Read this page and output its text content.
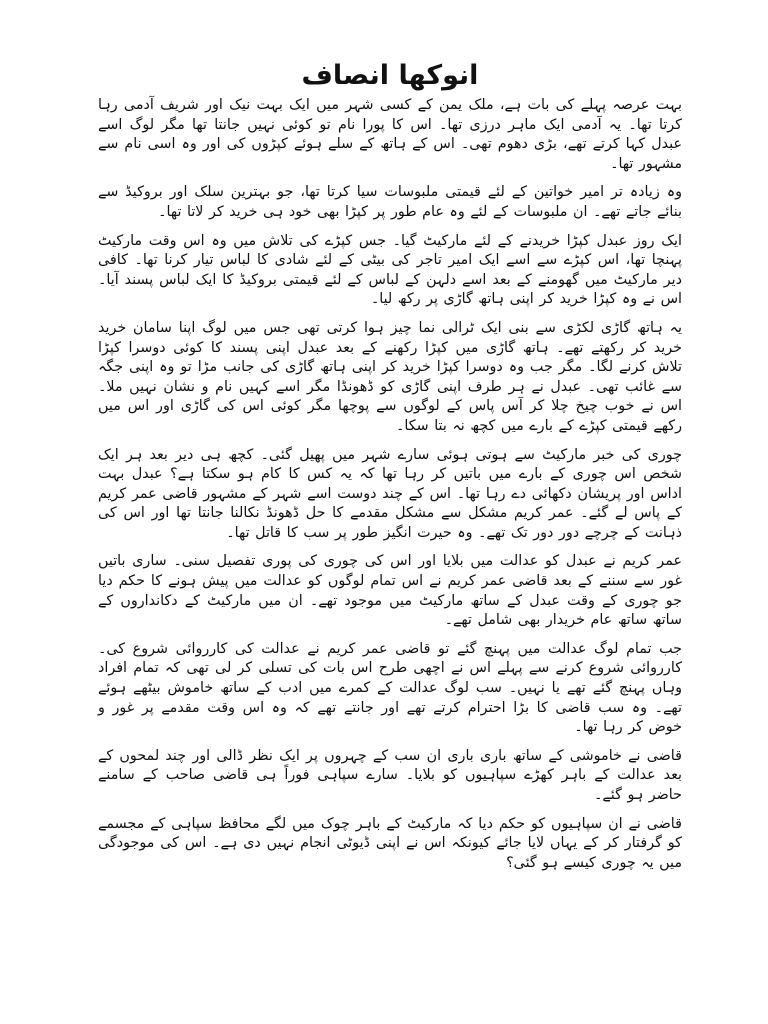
انوکھا انصاف

بہت عرصہ پہلے کی بات ہے، ملک یمن کے کسی شہر میں ایک بہت نیک اور شریف آدمی رہا کرتا تھا۔ یہ آدمی ایک ماہر درزی تھا۔ اس کا پورا نام تو کوئی نہیں جانتا تھا مگر لوگ اسے عبدل کہا کرتے تھے، بڑی دھوم تھی۔ اس کے ہاتھ کے سلے ہوئے کپڑوں کی اور وہ اسی نام سے مشہور تھا۔

وہ زیادہ تر امیر خواتین کے لئے قیمتی ملبوسات سیا کرتا تھا، جو بہترین سلک اور بروکیڈ سے بنائے جاتے تھے۔ ان ملبوسات کے لئے وہ عام طور پر کپڑا بھی خود ہی خرید کر لاتا تھا۔

ایک روز عبدل کپڑا خریدنے کے لئے مارکیٹ گیا۔ جس کپڑے کی تلاش میں وہ اس وقت مارکیٹ پہنچا تھا، اس کپڑے سے اسے ایک امیر تاجر کی بیٹی کے لئے شادی کا لباس تیار کرنا تھا۔ کافی دیر مارکیٹ میں گھومنے کے بعد اسے دلہن کے لباس کے لئے قیمتی بروکیڈ کا ایک لباس پسند آیا۔ اس نے وہ کپڑا خرید کر اپنی ہاتھ گاڑی پر رکھ لیا۔

یہ ہاتھ گاڑی لکڑی سے بنی ایک ٹرالی نما چیز ہوا کرتی تھی جس میں لوگ اپنا سامان خرید خرید کر رکھتے تھے۔ ہاتھ گاڑی میں کپڑا رکھنے کے بعد عبدل اپنی پسند کا کوئی دوسرا کپڑا تلاش کرنے لگا۔ مگر جب وہ دوسرا کپڑا خرید کر اپنی ہاتھ گاڑی کی جانب مڑا تو وہ اپنی جگہ سے غائب تھی۔ عبدل نے ہر طرف اپنی گاڑی کو ڈھونڈا مگر اسے کہیں نام و نشان نہیں ملا۔ اس نے خوب چیخ چلا کر آس پاس کے لوگوں سے پوچھا مگر کوئی اس کی گاڑی اور اس میں رکھے قیمتی کپڑے کے بارے میں کچھ نہ بتا سکا۔

چوری کی خبر مارکیٹ سے ہوتی ہوئی سارے شہر میں پھیل گئی۔ کچھ ہی دیر بعد ہر ایک شخص اس چوری کے بارے میں باتیں کر رہا تھا کہ یہ کس کا کام ہو سکتا ہے؟ عبدل بہت اداس اور پریشان دکھائی دے رہا تھا۔ اس کے چند دوست اسے شہر کے مشہور قاضی عمر کریم کے پاس لے گئے۔ عمر کریم مشکل سے مشکل مقدمے کا حل ڈھونڈ نکالنا جانتا تھا اور اس کی ذہانت کے چرچے دور دور تک تھے۔ وہ حیرت انگیز طور پر سب کا قاتل تھا۔

عمر کریم نے عبدل کو عدالت میں بلایا اور اس کی چوری کی پوری تفصیل سنی۔ ساری باتیں غور سے سننے کے بعد قاضی عمر کریم نے اس تمام لوگوں کو عدالت میں پیش ہونے کا حکم دیا جو چوری کے وقت عبدل کے ساتھ مارکیٹ میں موجود تھے۔ ان میں مارکیٹ کے دکانداروں کے ساتھ ساتھ عام خریدار بھی شامل تھے۔

جب تمام لوگ عدالت میں پہنچ گئے تو قاضی عمر کریم نے عدالت کی کارروائی شروع کی۔ کارروائی شروع کرنے سے پہلے اس نے اچھی طرح اس بات کی تسلی کر لی تھی کہ تمام افراد وہاں پہنچ گئے تھے یا نہیں۔ سب لوگ عدالت کے کمرے میں ادب کے ساتھ خاموش بیٹھے ہوئے تھے۔ وہ سب قاضی کا بڑا احترام کرتے تھے اور جانتے تھے کہ وہ اس وقت مقدمے پر غور و خوض کر رہا تھا۔

قاضی نے خاموشی کے ساتھ باری باری ان سب کے چہروں پر ایک نظر ڈالی اور چند لمحوں کے بعد عدالت کے باہر کھڑے سپاہیوں کو بلایا۔ سارے سپاہی فوراً ہی قاضی صاحب کے سامنے حاضر ہو گئے۔

قاضی نے ان سپاہیوں کو حکم دیا کہ مارکیٹ کے باہر چوک میں لگے محافظ سپاہی کے مجسمے کو گرفتار کر کے یہاں لایا جائے کیونکہ اس نے اپنی ڈیوٹی انجام نہیں دی ہے۔ اس کی موجودگی میں یہ چوری کیسے ہو گئی؟
